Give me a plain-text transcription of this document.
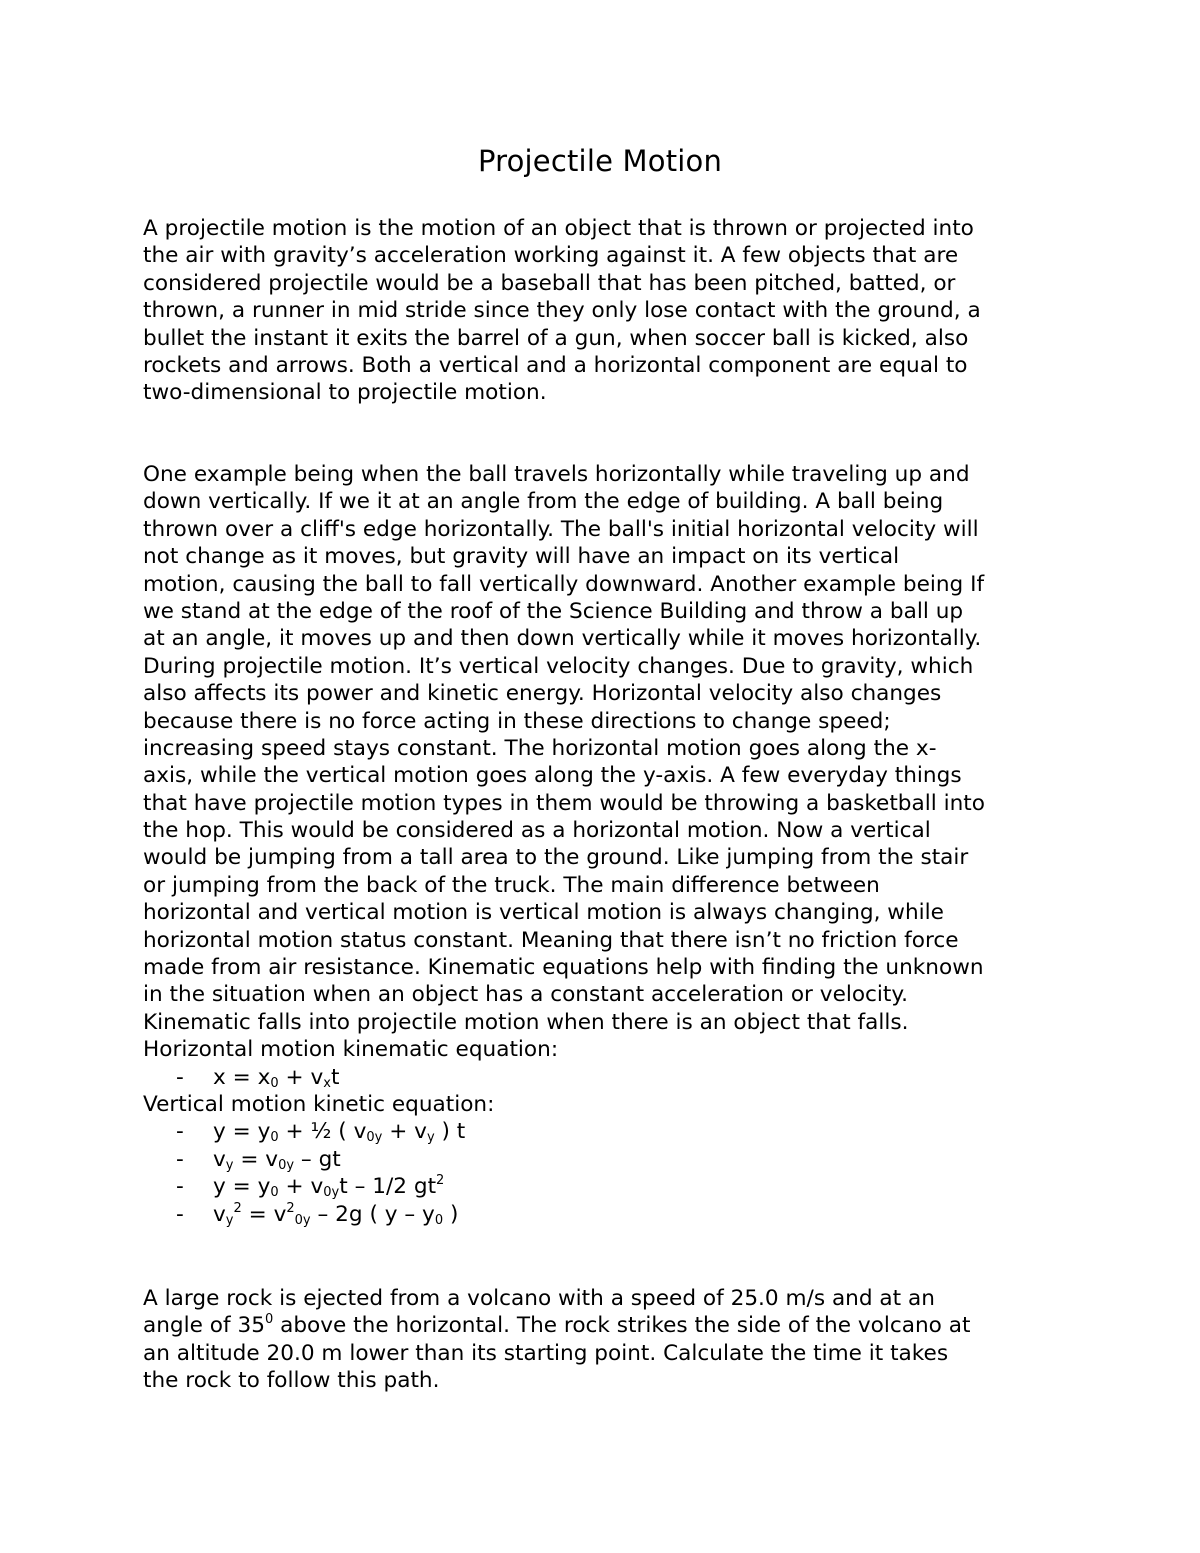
Projectile Motion
A projectile motion is the motion of an object that is thrown or projected into
the air with gravity’s acceleration working against it. A few objects that are
considered projectile would be a baseball that has been pitched, batted, or
thrown, a runner in mid stride since they only lose contact with the ground, a
bullet the instant it exits the barrel of a gun, when soccer ball is kicked, also
rockets and arrows. Both a vertical and a horizontal component are equal to
two-dimensional to projectile motion.
One example being when the ball travels horizontally while traveling up and
down vertically. If we it at an angle from the edge of building. A ball being
thrown over a cliff's edge horizontally. The ball's initial horizontal velocity will
not change as it moves, but gravity will have an impact on its vertical
motion, causing the ball to fall vertically downward. Another example being If
we stand at the edge of the roof of the Science Building and throw a ball up
at an angle, it moves up and then down vertically while it moves horizontally.
During projectile motion. It’s vertical velocity changes. Due to gravity, which
also affects its power and kinetic energy. Horizontal velocity also changes
because there is no force acting in these directions to change speed;
increasing speed stays constant. The horizontal motion goes along the x-
axis, while the vertical motion goes along the y-axis. A few everyday things
that have projectile motion types in them would be throwing a basketball into
the hop. This would be considered as a horizontal motion. Now a vertical
would be jumping from a tall area to the ground. Like jumping from the stair
or jumping from the back of the truck. The main difference between
horizontal and vertical motion is vertical motion is always changing, while
horizontal motion status constant. Meaning that there isn’t no friction force
made from air resistance. Kinematic equations help with finding the unknown
in the situation when an object has a constant acceleration or velocity.
Kinematic falls into projectile motion when there is an object that falls.
Horizontal motion kinematic equation:
- $x = x_0 + v_xt$
Vertical motion kinetic equation:
- $y = y_0$ + ½ ( $v_{0y} + v_y$ ) t
- $v_y = v_{0y}$ – gt
- $y = y_0 + v_{0y}t - 1/2$ $gt^2$
- $v_y^2 = v^2_{0y} - 2g$ ( y – $y_0$ )
A large rock is ejected from a volcano with a speed of 25.0 m/s and at an
angle of $35^0$ above the horizontal. The rock strikes the side of the volcano at
an altitude 20.0 m lower than its starting point. Calculate the time it takes
the rock to follow this path.
